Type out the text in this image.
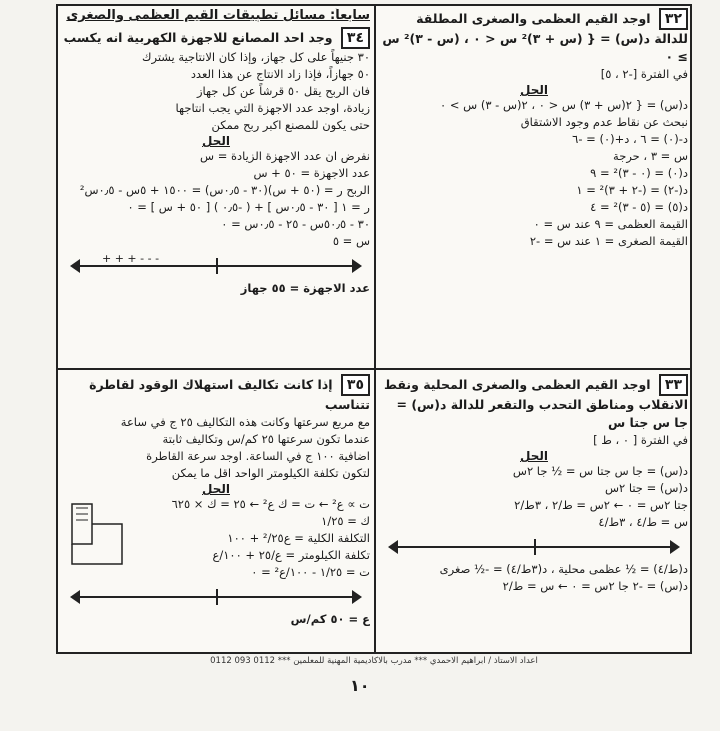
٣٢ اوجد القيم العظمى والصغرى المطلقة للدالة د(س) = { (س + ٣)² س < ٠ ، (س - ٣)² س ≥ ٠
في الفترة [-٢ ، ٥]
الحل
د(س) = { ٢(س + ٣) س < ٠ ، ٢(س - ٣) س > ٠
نبحث عن نقاط عدم وجود الاشتقاق
د-(٠) = ٦ ، د+(٠) = -٦
س = ٣ ، حرجة
د(٠) = (٠ - ٣)² = ٩
د(-٢) = (-٢ + ٣)² = ١
د(٥) = (٥ - ٣)² = ٤
القيمة العظمى = ٩ عند س = ٠
القيمة الصغرى = ١ عند س = -٢
سابعاً: مسائل تطبيقات القيم العظمى والصغرى
٣٤ وجد احد المصانع للاجهزة الكهربية انه يكسب
٣٠ جنيهاً على كل جهاز، وإذا كان الانتاجية يشترك
٥٠ جهازاً، فإذا زاد الانتاج عن هذا العدد
فان الربح يقل ٥٠ قرشاً عن كل جهاز
زيادة، اوجد عدد الاجهزة التي يجب انتاجها
حتى يكون للمصنع اكبر ربح ممكن
الحل
نفرض ان عدد الاجهزة الزيادة = س
عدد الاجهزة = ٥٠ + س
الربح ر = (٥٠ + س)(٣٠ - ٠٫٥س) = ١٥٠٠ + ٥س - ٠٫٥س²
ر = ١ [ ٣٠ - ٠٫٥س ] + ( -٠٫٥ ) [ ٥٠ + س ] = ٠
٣٠ - ٥٠٫٥س - ٢٥ - ٠٫٥س = ٠
س = ٥
+ + + - - -
عدد الاجهزة = ٥٥ جهاز
٣٣ اوجد القيم العظمى والصغرى المحلية ونقط الانقلاب ومناطق التحدب والتقعر للدالة د(س) = جا س جتا س
في الفترة [ ٠ ، ط ]
الحل
د(س) = جا س جتا س = ½ جا ٢س
د(س) = جتا ٢س
جتا ٢س = ٠ ← ٢س = ط/٢ ، ٣ط/٢
س = ط/٤ ، ٣ط/٤
د(ط/٤) = ½ عظمى محلية ، د(٣ط/٤) = -½ صغرى
د(س) = -٢ جا ٢س = ٠ ← س = ط/٢
٣٥ إذا كانت تكاليف استهلاك الوقود لقاطرة تتناسب
مع مربع سرعتها وكانت هذه التكاليف ٢٥ ج في ساعة
عندما تكون سرعتها ٢٥ كم/س وتكاليف ثابتة
اضافية ١٠٠ ج في الساعة. اوجد سرعة القاطرة
لتكون تكلفة الكيلومتر الواحد اقل ما يمكن
الحل
ت ∝ ع² ← ت = ك ع² ← ٢٥ = ك × ٦٢٥
ك = ١/٢٥
التكلفة الكلية = ع²/٢٥ + ١٠٠
تكلفة الكيلومتر = ع/٢٥ + ١٠٠/ع
ت = ١/٢٥ - ١٠٠/ع² = ٠
ع = ٥٠ كم/س
اعداد الاستاذ / ابراهيم الاحمدي *** مدرب بالاكاديمية المهنية للمعلمين *** 0112 093 0112
١٠
